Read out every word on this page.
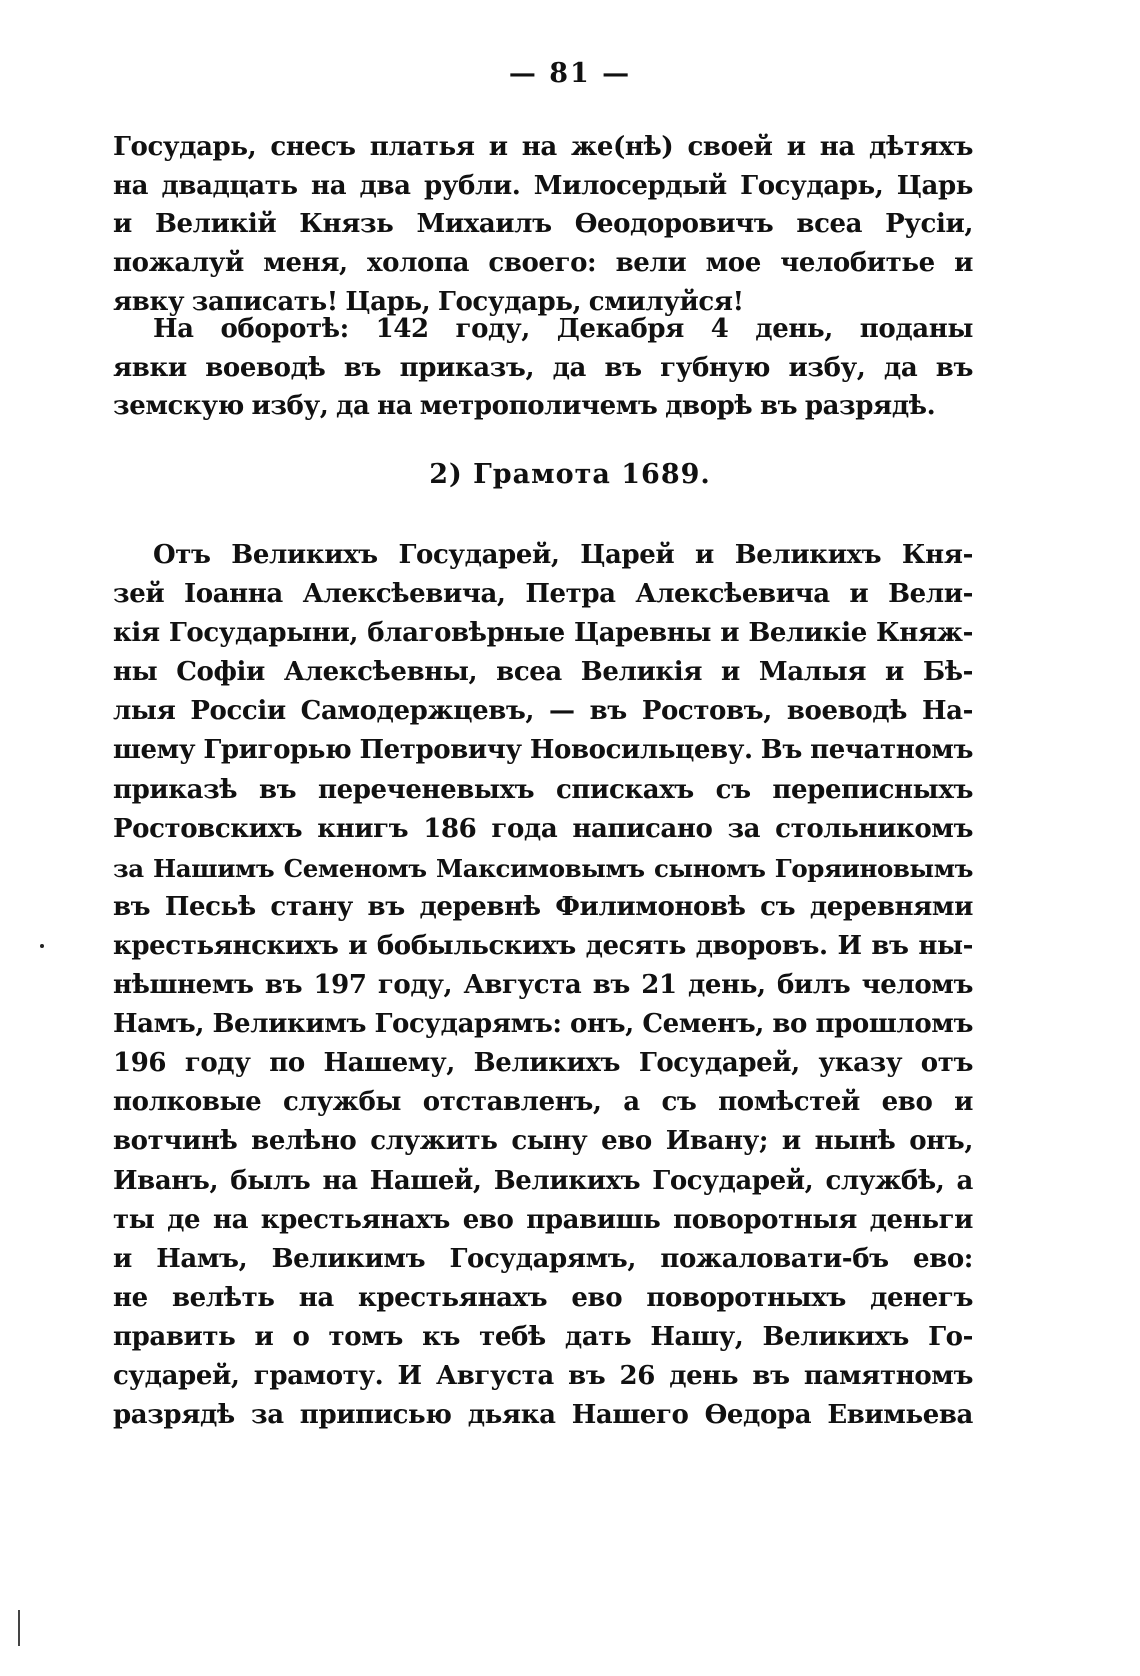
— 81 —
Государь, снесъ платья и на же(нѣ) своей и на дѣтяхъ
на двадцать на два рубли. Милосердый Государь, Царь
и Великій Князь Михаилъ Ѳеодоровичъ всеа Русіи,
пожалуй меня, холопа своего: вели мое челобитье и
явку записать! Царь, Государь, смилуйся!
На оборотѣ: 142 году, Декабря 4 день, поданы
явки воеводѣ въ приказъ, да въ губную избу, да въ
земскую избу, да на метрополичемъ дворѣ въ разрядѣ.
2) Грамота 1689.
Отъ Великихъ Государей, Царей и Великихъ Кня-
зей Іоанна Алексѣевича, Петра Алексѣевича и Вели-
кія Государыни, благовѣрные Царевны и Великіе Княж-
ны Софіи Алексѣевны, всеа Великія и Малыя и Бѣ-
лыя Россіи Самодержцевъ, — въ Ростовъ, воеводѣ На-
шему Григорью Петровичу Новосильцеву. Въ печатномъ
приказѣ въ переченевыхъ спискахъ съ переписныхъ
Ростовскихъ книгъ 186 года написано за стольникомъ
за Нашимъ Семеномъ Максимовымъ сыномъ Горяиновымъ
въ Песьѣ стану въ деревнѣ Филимоновѣ съ деревнями
крестьянскихъ и бобыльскихъ десять дворовъ. И въ ны-
нѣшнемъ въ 197 году, Августа въ 21 день, билъ челомъ
Намъ, Великимъ Государямъ: онъ, Семенъ, во прошломъ
196 году по Нашему, Великихъ Государей, указу отъ
полковые службы отставленъ, а съ помѣстей ево и
вотчинѣ велѣно служить сыну ево Ивану; и нынѣ онъ,
Иванъ, былъ на Нашей, Великихъ Государей, службѣ, а
ты де на крестьянахъ ево правишь поворотныя деньги
и Намъ, Великимъ Государямъ, пожаловати-бъ ево:
не велѣть на крестьянахъ ево поворотныхъ денегъ
править и о томъ къ тебѣ дать Нашу, Великихъ Го-
сударей, грамоту. И Августа въ 26 день въ памятномъ
разрядѣ за приписью дьяка Нашего Ѳедора Евимьева
